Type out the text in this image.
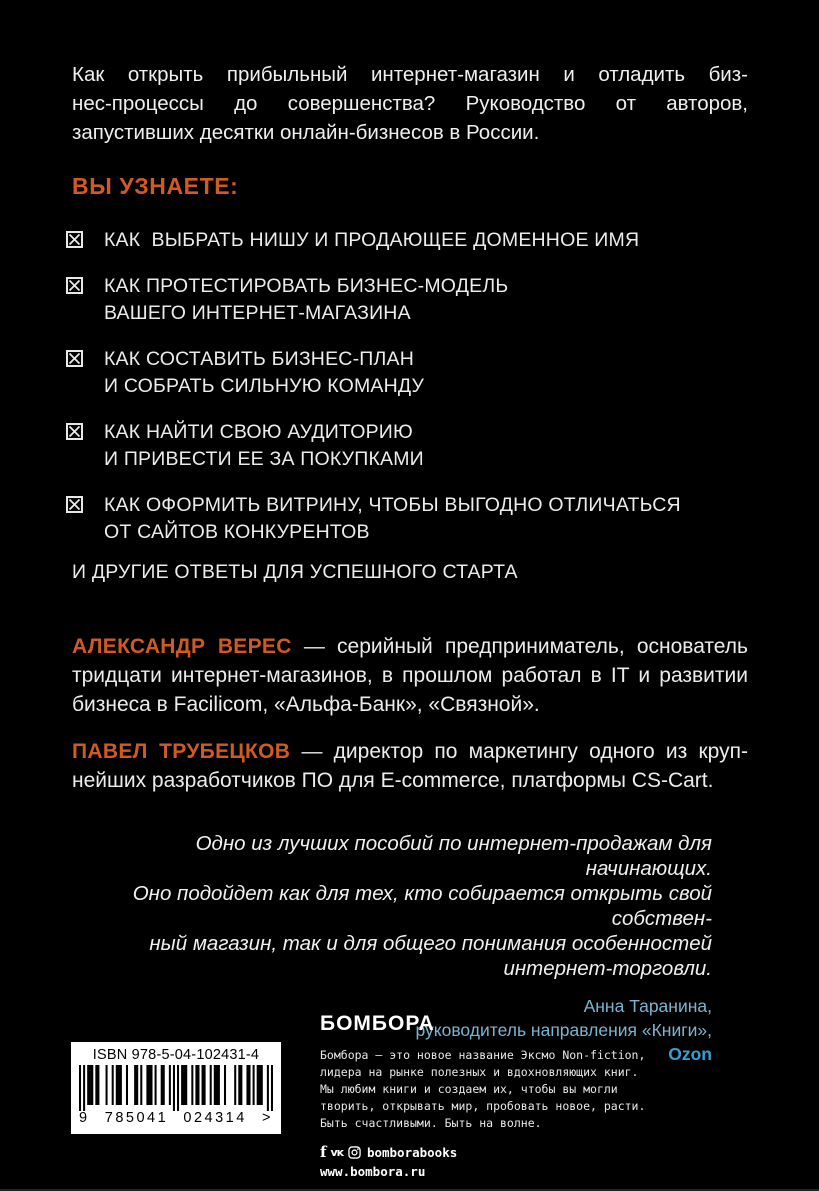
Как открыть прибыльный интернет-магазин и отладить биз-
нес-процессы до совершенства? Руководство от авторов,
запустивших десятки онлайн-бизнесов в России.
ВЫ УЗНАЕТЕ:
КАК  ВЫБРАТЬ НИШУ И ПРОДАЮЩЕЕ ДОМЕННОЕ ИМЯ
КАК ПРОТЕСТИРОВАТЬ БИЗНЕС-МОДЕЛЬ
ВАШЕГО ИНТЕРНЕТ-МАГАЗИНА
КАК СОСТАВИТЬ БИЗНЕС-ПЛАН
И СОБРАТЬ СИЛЬНУЮ КОМАНДУ
КАК НАЙТИ СВОЮ АУДИТОРИЮ
И ПРИВЕСТИ ЕЕ ЗА ПОКУПКАМИ
КАК ОФОРМИТЬ ВИТРИНУ, ЧТОБЫ ВЫГОДНО ОТЛИЧАТЬСЯ
ОТ САЙТОВ КОНКУРЕНТОВ
И ДРУГИЕ ОТВЕТЫ ДЛЯ УСПЕШНОГО СТАРТА
АЛЕКСАНДР ВЕРЕС — серийный предприниматель, основатель
тридцати интернет-магазинов, в прошлом работал в IT и развитии
бизнеса в Facilicom, «Альфа-Банк», «Связной».
ПАВЕЛ ТРУБЕЦКОВ — директор по маркетингу одного из круп-
нейших разработчиков ПО для E-commerce, платформы CS-Cart.
Одно из лучших пособий по интернет-продажам для начинающих.
Оно подойдет как для тех, кто собирается открыть свой собствен-
ный магазин, так и для общего понимания особенностей
интернет-торговли.
Анна Таранина,
руководитель направления «Книги»,
Ozon
ISBN 978-5-04-102431-4
9 785041 024314 >
БОМБОРА
Бомбора — это новое название Эксмо Non-fiction,
лидера на рынке полезных и вдохновляющих книг.
Мы любим книги и создаем их, чтобы вы могли
творить, открывать мир, пробовать новое, расти.
Быть счастливыми. Быть на волне.
f vĸ bomborabooks
www.bombora.ru
